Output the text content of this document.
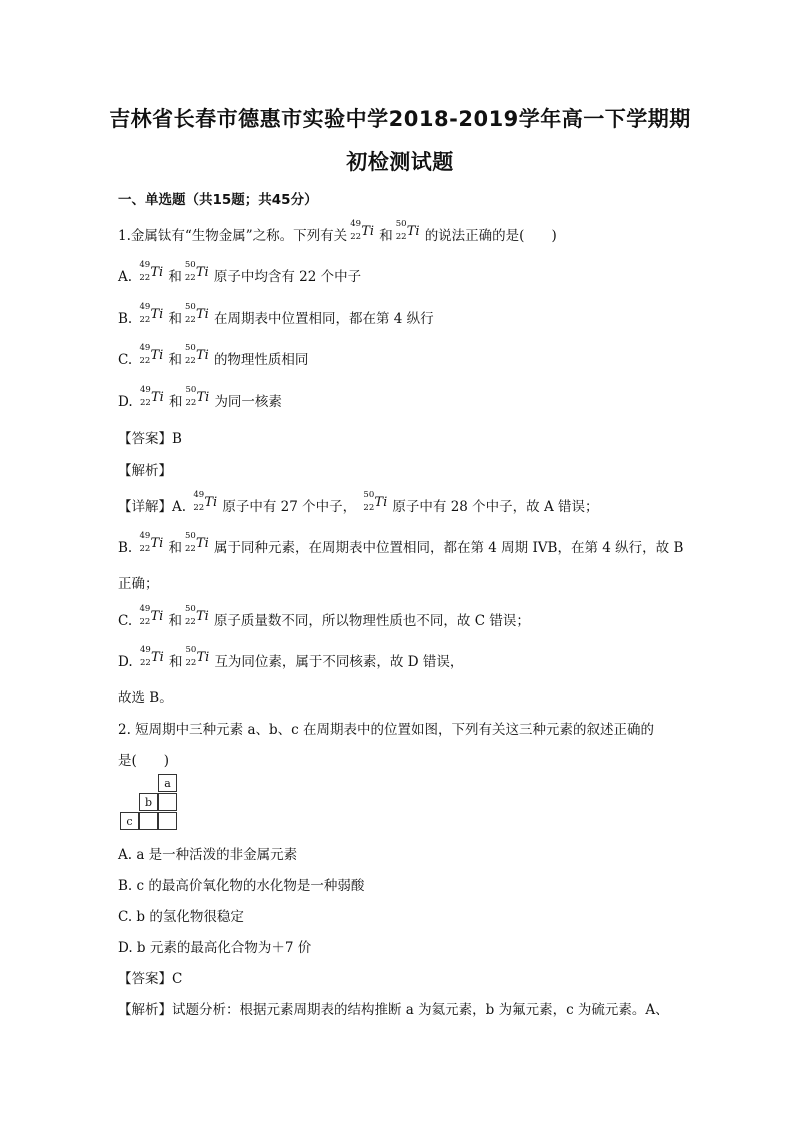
吉林省长春市德惠市实验中学2018-2019学年高一下学期期
初检测试题
一、单选题（共15题；共45分）
1.金属钛有“生物金属”之称。下列有关
49
22 Ti 和
50
22 Ti 的说法正确的是(　　)
A.
49
22 Ti 和
50
22 Ti 原子中均含有 22 个中子
B.
49
22 Ti 和
50
22 Ti 在周期表中位置相同，都在第 4 纵行
C.
49
22 Ti 和
50
22 Ti 的物理性质相同
D.
49
22 Ti 和
50
22 Ti 为同一核素
【答案】B
【解析】
【详解】A.
49
22 Ti 原子中有 27 个中子，
50
22 Ti 原子中有 28 个中子，故 A 错误；
B.
49
22 Ti 和
50
22 Ti 属于同种元素，在周期表中位置相同，都在第 4 周期 IVB，在第 4 纵行，故 B
正确；
C.
49
22 Ti 和
50
22 Ti 原子质量数不同，所以物理性质也不同，故 C 错误；
D.
49
22 Ti 和
50
22 Ti 互为同位素，属于不同核素，故 D 错误，
故选 B。
2. 短周期中三种元素 a、b、c 在周期表中的位置如图，下列有关这三种元素的叙述正确的
是(　　)
a
b
c
A. a 是一种活泼的非金属元素
B. c 的最高价氧化物的水化物是一种弱酸
C. b 的氢化物很稳定
D. b 元素的最高化合物为＋7 价
【答案】C
【解析】试题分析：根据元素周期表的结构推断 a 为氦元素，b 为氟元素，c 为硫元素。A、
